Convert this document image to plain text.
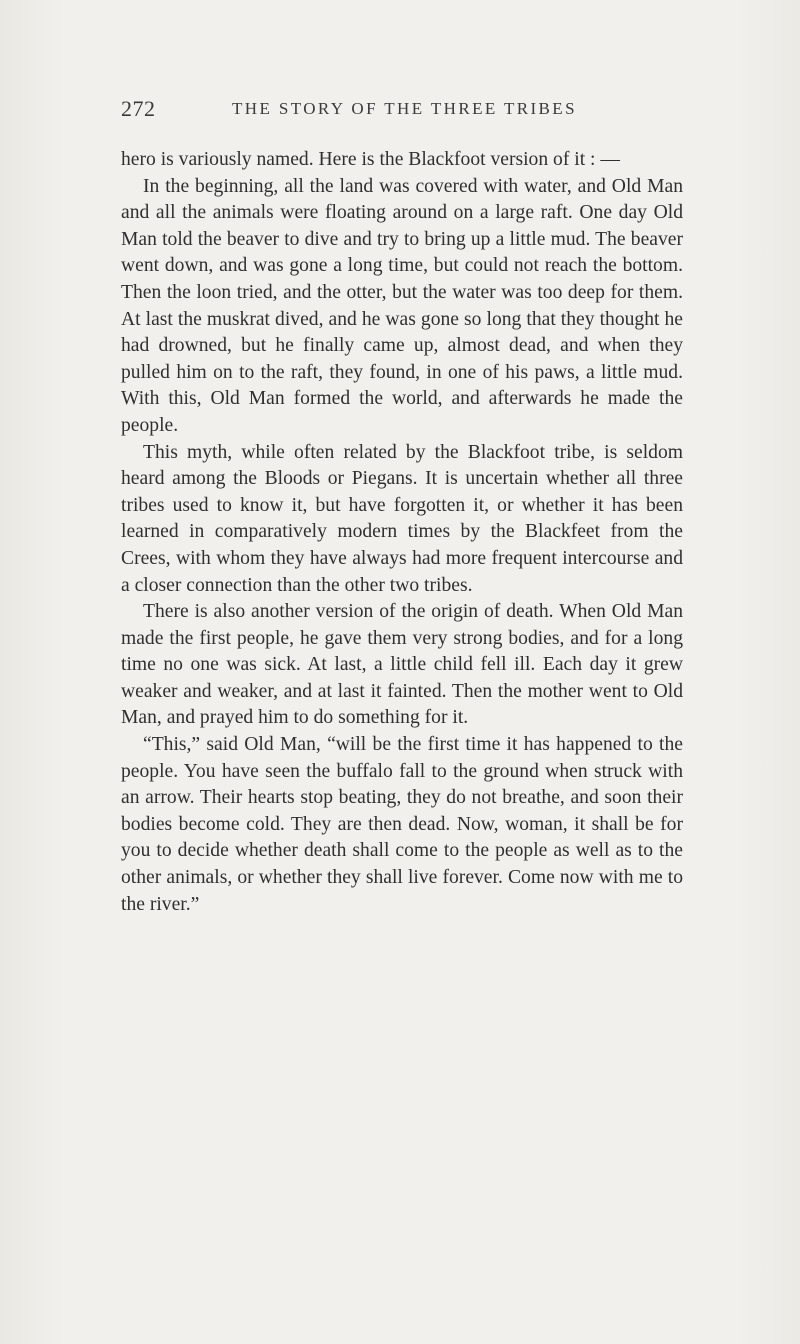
272	THE STORY OF THE THREE TRIBES

hero is variously named. Here is the Blackfoot version of it : —

In the beginning, all the land was covered with water, and Old Man and all the animals were floating around on a large raft. One day Old Man told the beaver to dive and try to bring up a little mud. The beaver went down, and was gone a long time, but could not reach the bottom. Then the loon tried, and the otter, but the water was too deep for them. At last the muskrat dived, and he was gone so long that they thought he had drowned, but he finally came up, almost dead, and when they pulled him on to the raft, they found, in one of his paws, a little mud. With this, Old Man formed the world, and afterwards he made the people.

This myth, while often related by the Blackfoot tribe, is seldom heard among the Bloods or Piegans. It is uncertain whether all three tribes used to know it, but have forgotten it, or whether it has been learned in comparatively modern times by the Blackfeet from the Crees, with whom they have always had more frequent intercourse and a closer connection than the other two tribes.

There is also another version of the origin of death. When Old Man made the first people, he gave them very strong bodies, and for a long time no one was sick. At last, a little child fell ill. Each day it grew weaker and weaker, and at last it fainted. Then the mother went to Old Man, and prayed him to do something for it.

“This,” said Old Man, “will be the first time it has happened to the people. You have seen the buffalo fall to the ground when struck with an arrow. Their hearts stop beating, they do not breathe, and soon their bodies become cold. They are then dead. Now, woman, it shall be for you to decide whether death shall come to the people as well as to the other animals, or whether they shall live forever. Come now with me to the river.”
